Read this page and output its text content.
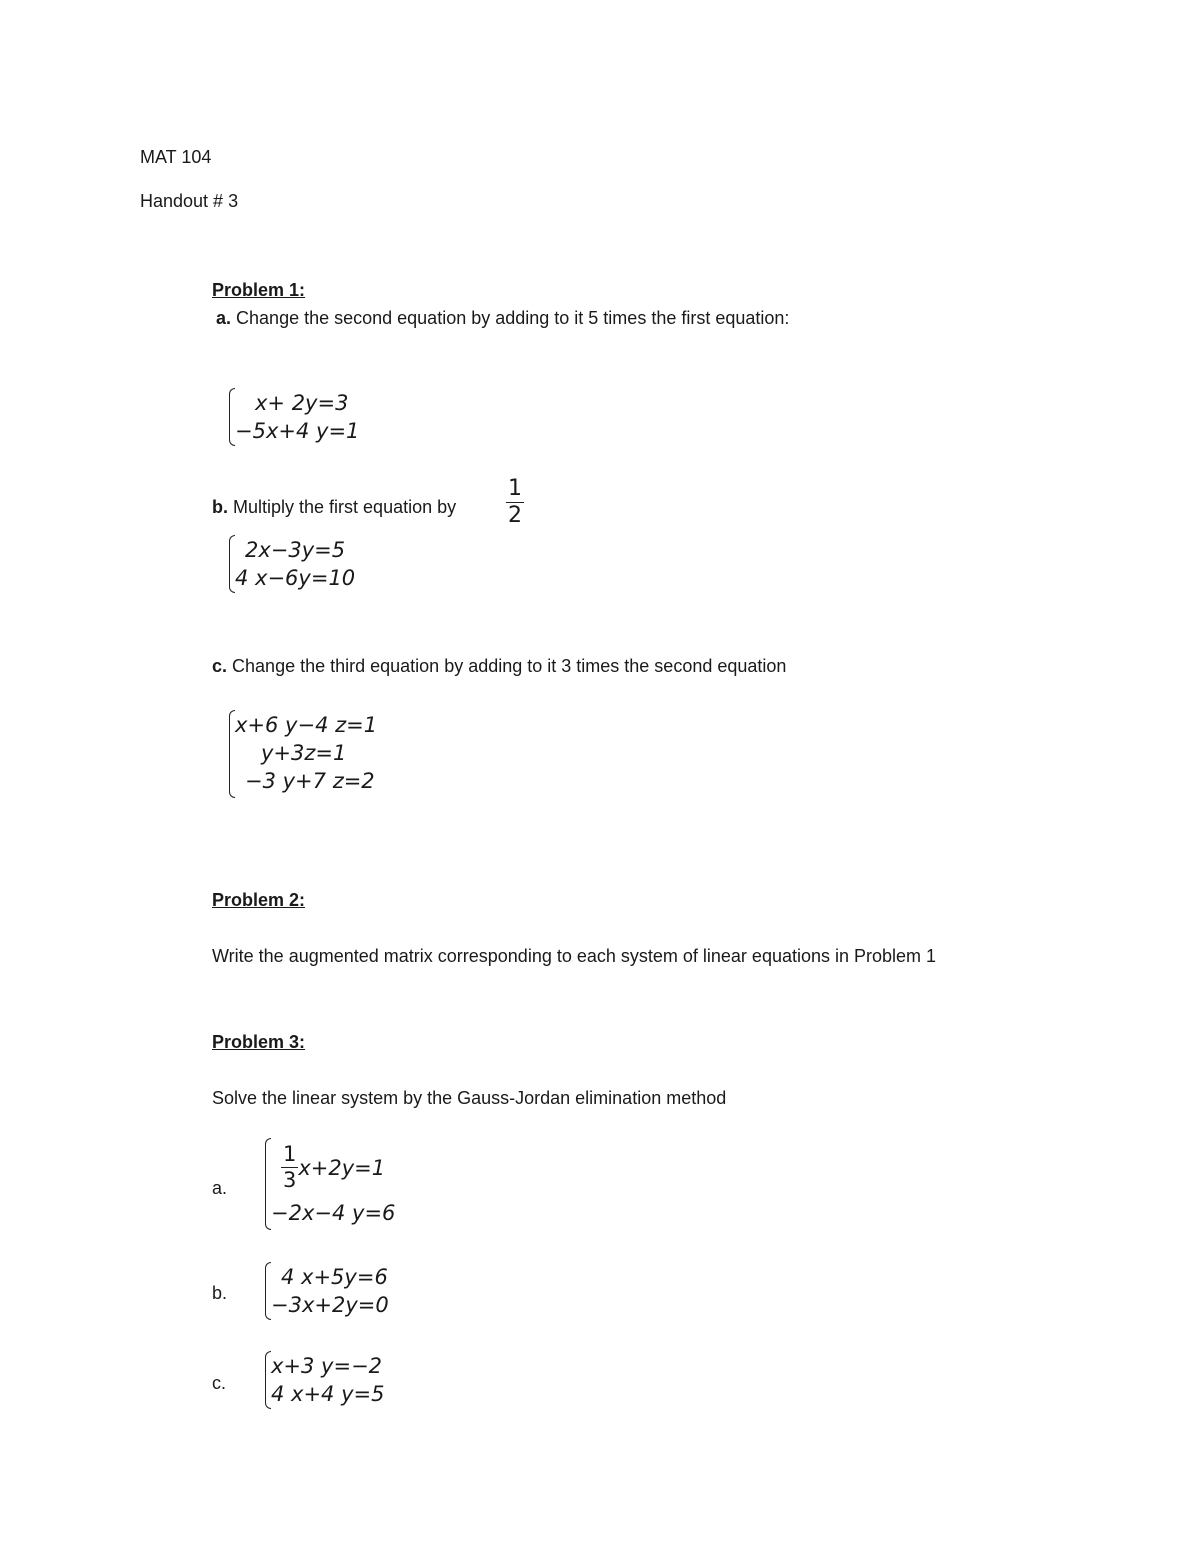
MAT 104
Handout # 3
Problem 1:
a. Change the second equation by adding to it 5 times the first equation:
x+ 2y=3
−5x+4 y=1
b. Multiply the first equation by $\frac{1}{2}$
2x−3y=5
4 x−6y=10
c. Change the third equation by adding to it 3 times the second equation
x+6 y−4 z=1
y+3z=1
−3 y+7 z=2
Problem 2:
Write the augmented matrix corresponding to each system of linear equations in Problem 1
Problem 3:
Solve the linear system by the Gauss-Jordan elimination method
a.	$\frac{1}{3} x+2y=1$
−2x−4 y=6
b.
4 x+5y=6
−3x+2y=0
c.
x+3 y=−2
4 x+4 y=5
